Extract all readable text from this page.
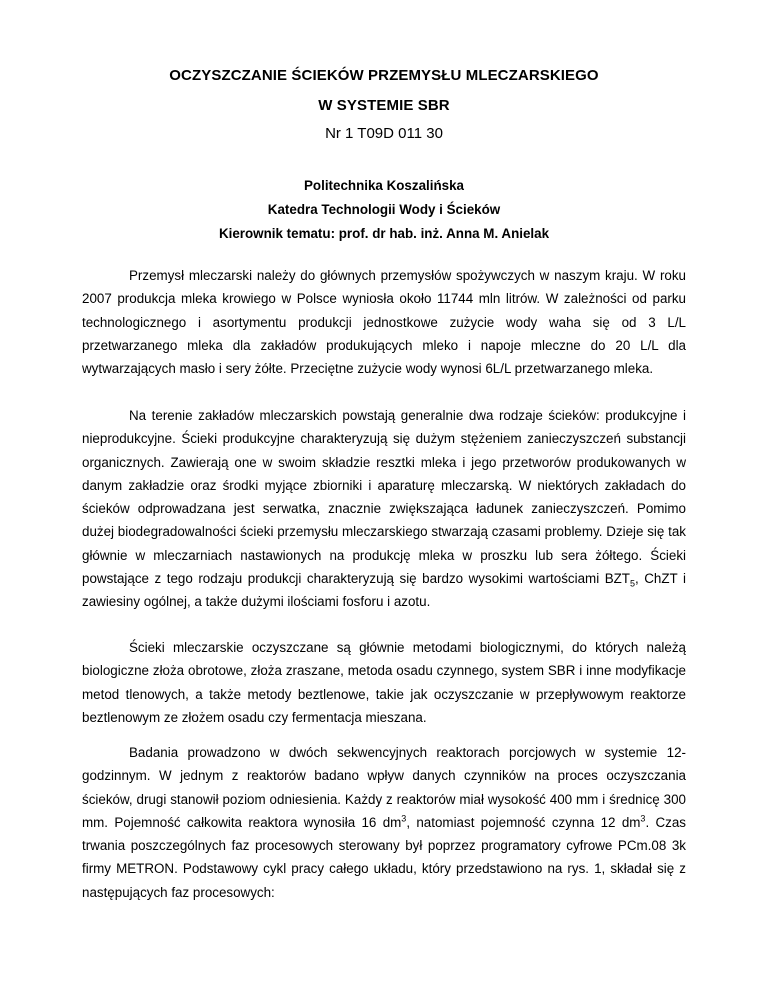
OCZYSZCZANIE ŚCIEKÓW PRZEMYSŁU MLECZARSKIEGO
W SYSTEMIE SBR
Nr 1 T09D 011 30
Politechnika Koszalińska
Katedra Technologii Wody i Ścieków
Kierownik tematu: prof. dr hab. inż. Anna M. Anielak

Przemysł mleczarski należy do głównych przemysłów spożywczych w naszym kraju. W roku 2007 produkcja mleka krowiego w Polsce wyniosła około 11744 mln litrów. W zależności od parku technologicznego i asortymentu produkcji jednostkowe zużycie wody waha się od 3 L/L przetwarzanego mleka dla zakładów produkujących mleko i napoje mleczne do 20 L/L dla wytwarzających masło i sery żółte. Przeciętne zużycie wody wynosi 6L/L przetwarzanego mleka.

Na terenie zakładów mleczarskich powstają generalnie dwa rodzaje ścieków: produkcyjne i nieprodukcyjne. Ścieki produkcyjne charakteryzują się dużym stężeniem zanieczyszczeń substancji organicznych. Zawierają one w swoim składzie resztki mleka i jego przetworów produkowanych w danym zakładzie oraz środki myjące zbiorniki i aparaturę mleczarską. W niektórych zakładach do ścieków odprowadzana jest serwatka, znacznie zwiększająca ładunek zanieczyszczeń. Pomimo dużej biodegradowalności ścieki przemysłu mleczarskiego stwarzają czasami problemy. Dzieje się tak głównie w mleczarniach nastawionych na produkcję mleka w proszku lub sera żółtego. Ścieki powstające z tego rodzaju produkcji charakteryzują się bardzo wysokimi wartościami $BZT_5$, ChZT i zawiesiny ogólnej, a także dużymi ilościami fosforu i azotu.

Ścieki mleczarskie oczyszczane są głównie metodami biologicznymi, do których należą biologiczne złoża obrotowe, złoża zraszane, metoda osadu czynnego, system SBR i inne modyfikacje metod tlenowych, a także metody beztlenowe, takie jak oczyszczanie w przepływowym reaktorze beztlenowym ze złożem osadu czy fermentacja mieszana.

Badania prowadzono w dwóch sekwencyjnych reaktorach porcjowych w systemie 12-godzinnym. W jednym z reaktorów badano wpływ danych czynników na proces oczyszczania ścieków, drugi stanowił poziom odniesienia. Każdy z reaktorów miał wysokość 400 mm i średnicę 300 mm. Pojemność całkowita reaktora wynosiła 16 $dm^3$, natomiast pojemność czynna 12 $dm^3$. Czas trwania poszczególnych faz procesowych sterowany był poprzez programatory cyfrowe PCm.08 3k firmy METRON. Podstawowy cykl pracy całego układu, który przedstawiono na rys. 1, składał się z następujących faz procesowych:
